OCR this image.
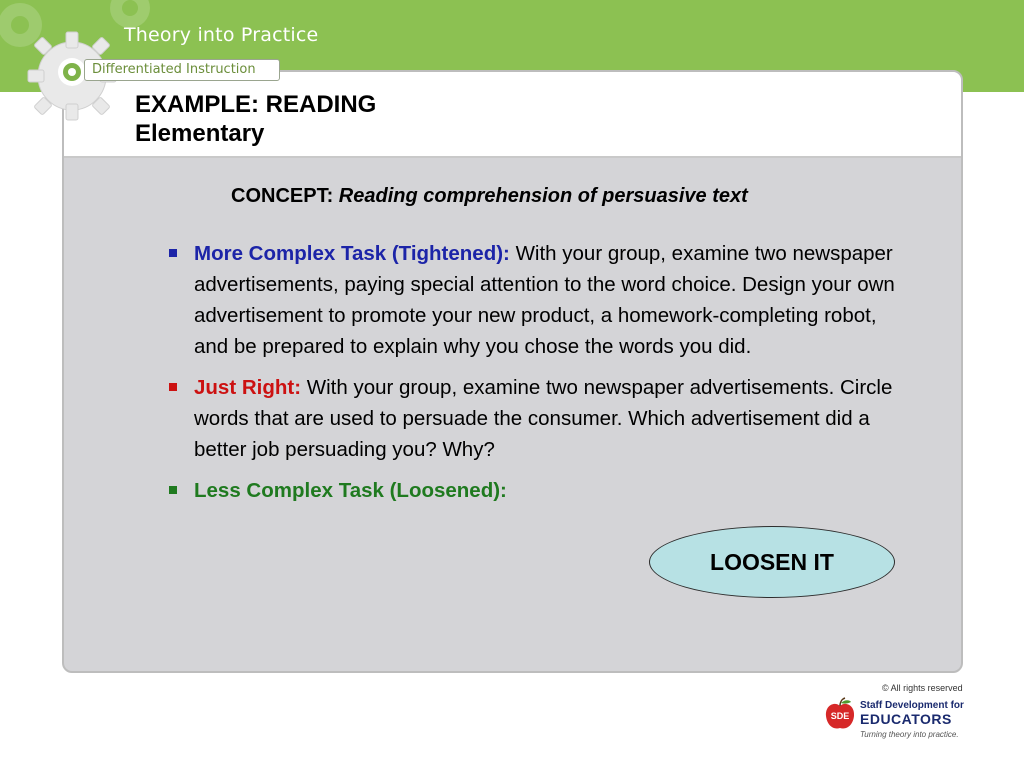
Theory into Practice
EXAMPLE: READING
Elementary
Differentiated Instruction
CONCEPT: Reading comprehension of persuasive text
More Complex Task (Tightened): With your group, examine two newspaper advertisements, paying special attention to the word choice. Design your own advertisement to promote your new product, a homework-completing robot, and be prepared to explain why you chose the words you did.
Just Right: With your group, examine two newspaper advertisements. Circle words that are used to persuade the consumer. Which advertisement did a better job persuading you? Why?
Less Complex Task (Loosened):
LOOSEN IT
© All rights reserved
SDE
Staff Development for
EDUCATORS
Turning theory into practice.
